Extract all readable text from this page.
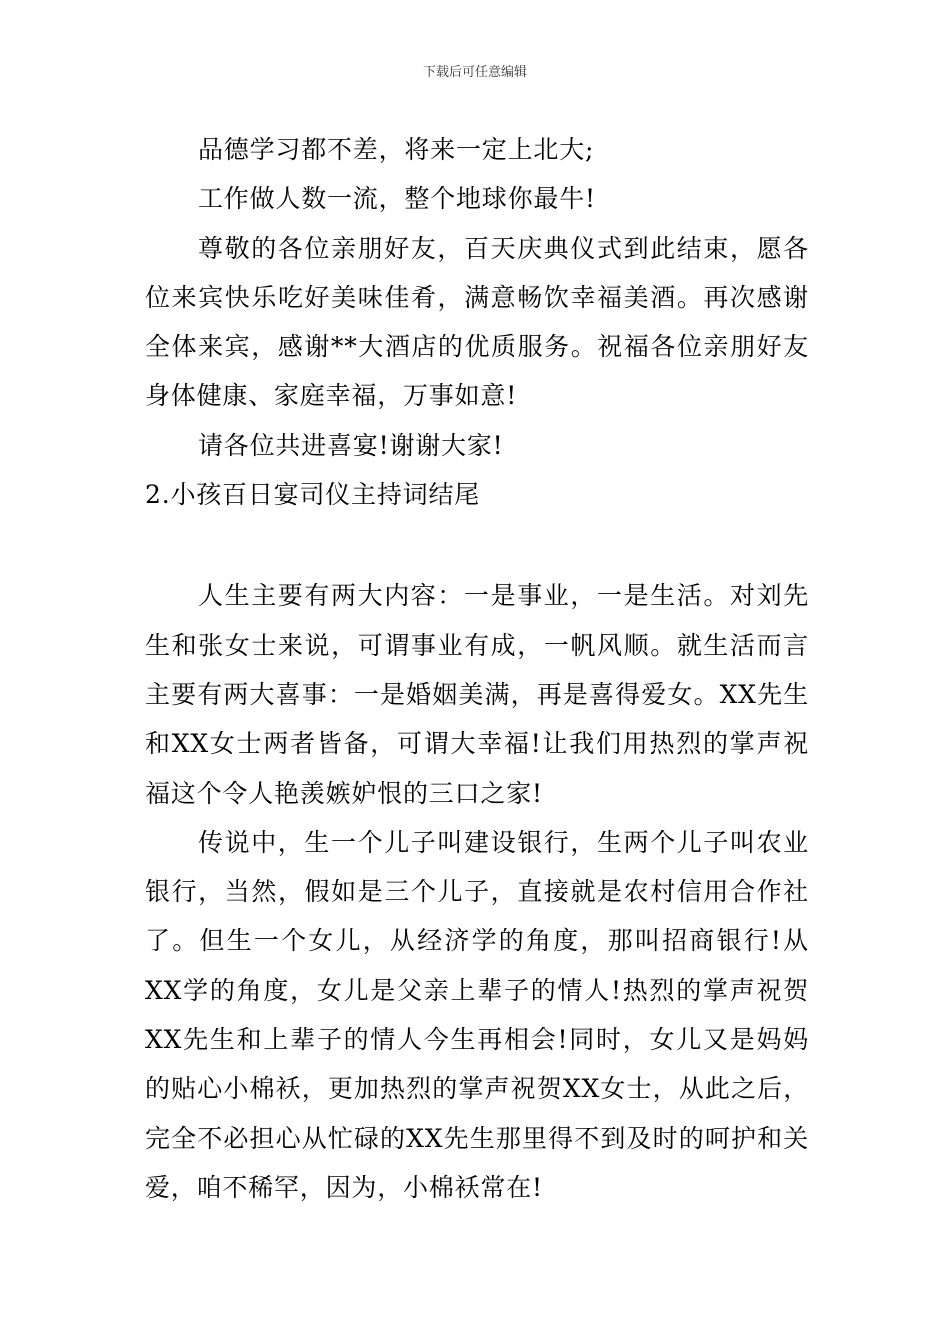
下载后可任意编辑

品德学习都不差，将来一定上北大;

工作做人数一流，整个地球你最牛!

尊敬的各位亲朋好友，百天庆典仪式到此结束，愿各位来宾快乐吃好美味佳肴，满意畅饮幸福美酒。再次感谢全体来宾，感谢**大酒店的优质服务。祝福各位亲朋好友身体健康、家庭幸福，万事如意!

请各位共进喜宴!谢谢大家!

2.小孩百日宴司仪主持词结尾

人生主要有两大内容：一是事业，一是生活。对刘先生和张女士来说，可谓事业有成，一帆风顺。就生活而言主要有两大喜事：一是婚姻美满，再是喜得爱女。XX先生和XX女士两者皆备，可谓大幸福!让我们用热烈的掌声祝福这个令人艳羡嫉妒恨的三口之家!

传说中，生一个儿子叫建设银行，生两个儿子叫农业银行，当然，假如是三个儿子，直接就是农村信用合作社了。但生一个女儿，从经济学的角度，那叫招商银行!从XX学的角度，女儿是父亲上辈子的情人!热烈的掌声祝贺XX先生和上辈子的情人今生再相会!同时，女儿又是妈妈的贴心小棉袄，更加热烈的掌声祝贺XX女士，从此之后，完全不必担心从忙碌的XX先生那里得不到及时的呵护和关爱，咱不稀罕，因为，小棉袄常在!
